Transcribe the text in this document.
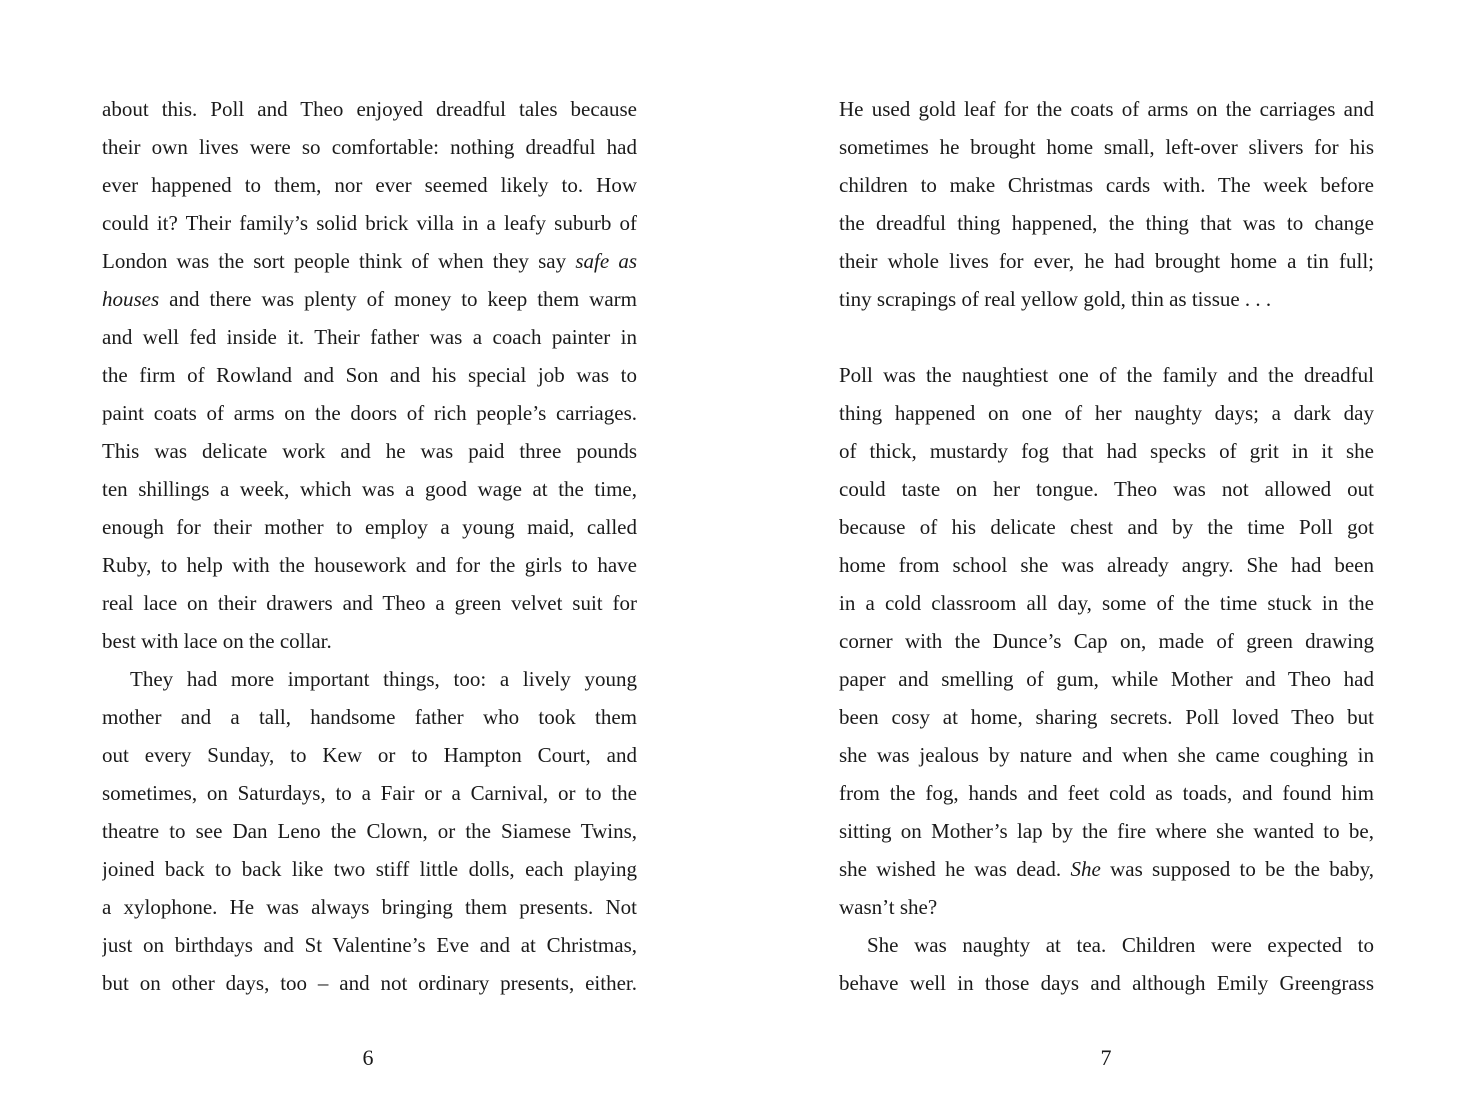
about this. Poll and Theo enjoyed dreadful tales because
their own lives were so comfortable: nothing dreadful had
ever happened to them, nor ever seemed likely to. How
could it? Their family’s solid brick villa in a leafy suburb of
London was the sort people think of when they say safe as
houses and there was plenty of money to keep them warm
and well fed inside it. Their father was a coach painter in
the firm of Rowland and Son and his special job was to
paint coats of arms on the doors of rich people’s carriages.
This was delicate work and he was paid three pounds
ten shillings a week, which was a good wage at the time,
enough for their mother to employ a young maid, called
Ruby, to help with the housework and for the girls to have
real lace on their drawers and Theo a green velvet suit for
best with lace on the collar.
They had more important things, too: a lively young
mother and a tall, handsome father who took them
out every Sunday, to Kew or to Hampton Court, and
sometimes, on Saturdays, to a Fair or a Carnival, or to the
theatre to see Dan Leno the Clown, or the Siamese Twins,
joined back to back like two stiff little dolls, each playing
a xylophone. He was always bringing them presents. Not
just on birthdays and St Valentine’s Eve and at Christmas,
but on other days, too – and not ordinary presents, either.
He used gold leaf for the coats of arms on the carriages and
sometimes he brought home small, left-over slivers for his
children to make Christmas cards with. The week before
the dreadful thing happened, the thing that was to change
their whole lives for ever, he had brought home a tin full;
tiny scrapings of real yellow gold, thin as tissue . . .
Poll was the naughtiest one of the family and the dreadful
thing happened on one of her naughty days; a dark day
of thick, mustardy fog that had specks of grit in it she
could taste on her tongue. Theo was not allowed out
because of his delicate chest and by the time Poll got
home from school she was already angry. She had been
in a cold classroom all day, some of the time stuck in the
corner with the Dunce’s Cap on, made of green drawing
paper and smelling of gum, while Mother and Theo had
been cosy at home, sharing secrets. Poll loved Theo but
she was jealous by nature and when she came coughing in
from the fog, hands and feet cold as toads, and found him
sitting on Mother’s lap by the fire where she wanted to be,
she wished he was dead. She was supposed to be the baby,
wasn’t she?
She was naughty at tea. Children were expected to
behave well in those days and although Emily Greengrass
6	7
